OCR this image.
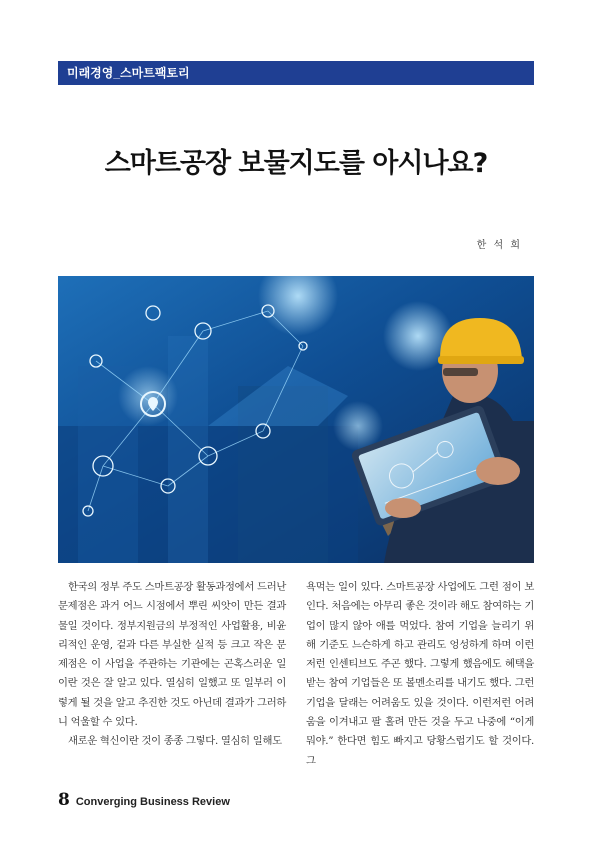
미래경영_스마트팩토리
스마트공장 보물지도를 아시나요?
한 석 희

한국의 정부 주도 스마트공장 활동과정에서 드러난 문제점은 과거 어느 시점에서 뿌린 씨앗이 만든 결과물일 것이다. 정부지원금의 부정적인 사업활용, 비윤리적인 운영, 겉과 다른 부실한 실적 등 크고 작은 문제점은 이 사업을 주관하는 기관에는 곤혹스러운 일이란 것은 잘 알고 있다. 열심히 일했고 또 일부러 이렇게 될 것을 알고 추진한 것도 아닌데 결과가 그러하니 억울할 수 있다.

새로운 혁신이란 것이 종종 그렇다. 열심히 일해도

욕먹는 일이 있다. 스마트공장 사업에도 그런 점이 보인다. 처음에는 아무리 좋은 것이라 해도 참여하는 기업이 많지 않아 애를 먹었다. 참여 기업을 늘리기 위해 기준도 느슨하게 하고 관리도 엉성하게 하며 이런저런 인센티브도 주곤 했다. 그렇게 했음에도 혜택을 받는 참여 기업들은 또 볼멘소리를 내기도 했다. 그런 기업을 달래는 어려움도 있을 것이다. 이런저런 어려움을 이겨내고 팔 홀려 만든 것을 두고 나중에 “이게 뭐야.” 한다면 힘도 빠지고 당황스럽기도 할 것이다. 그

8 Converging Business Review
